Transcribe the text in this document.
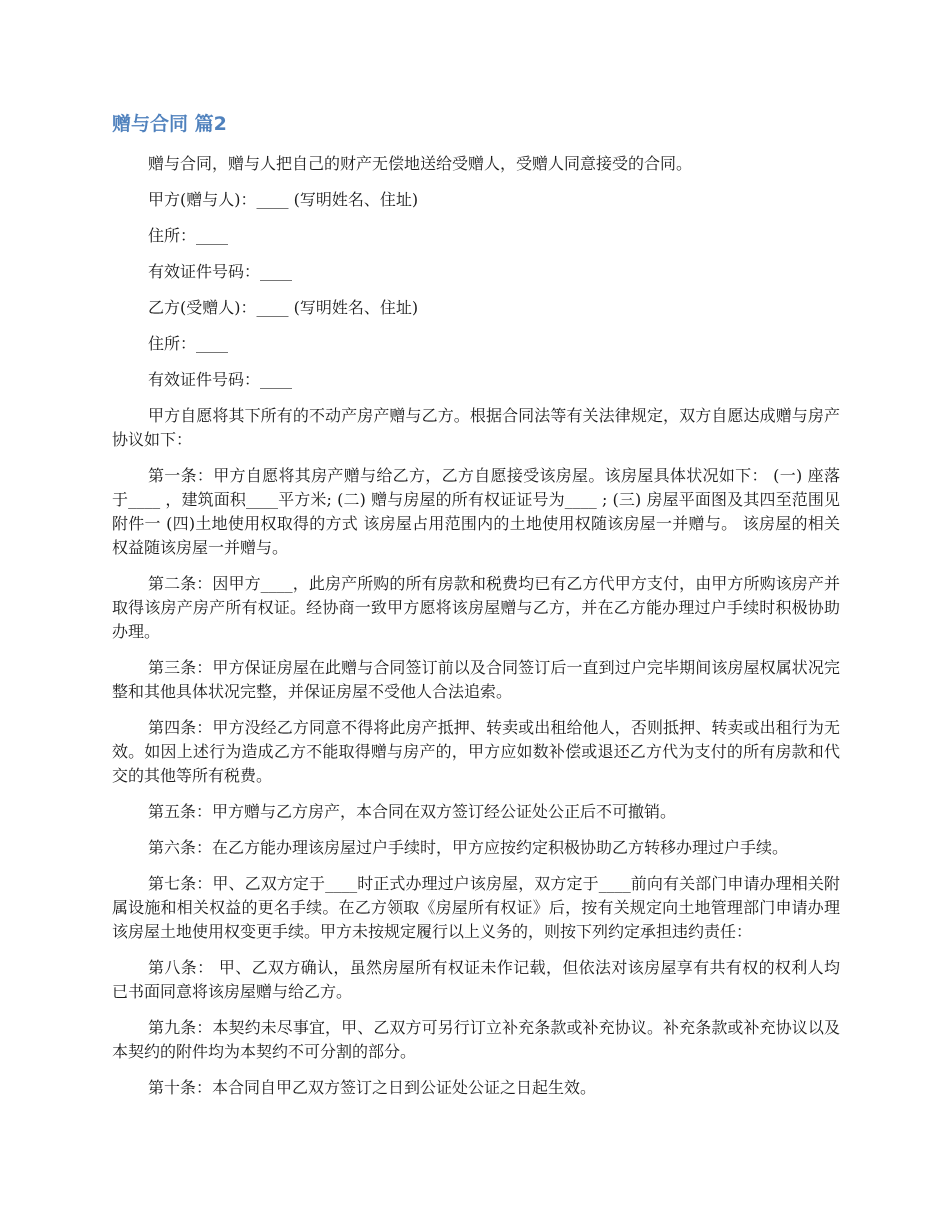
赠与合同 篇2

赠与合同，赠与人把自己的财产无偿地送给受赠人，受赠人同意接受的合同。

甲方(赠与人)：____ (写明姓名、住址)

住所：____

有效证件号码：____

乙方(受赠人)：____ (写明姓名、住址)

住所：____

有效证件号码：____

甲方自愿将其下所有的不动产房产赠与乙方。根据合同法等有关法律规定，双方自愿达成赠与房产协议如下：

第一条：甲方自愿将其房产赠与给乙方，乙方自愿接受该房屋。该房屋具体状况如下： (一) 座落于____ ，建筑面积____平方米; (二) 赠与房屋的所有权证证号为____ ; (三) 房屋平面图及其四至范围见附件一 (四)土地使用权取得的方式 该房屋占用范围内的土地使用权随该房屋一并赠与。 该房屋的相关权益随该房屋一并赠与。

第二条：因甲方____，此房产所购的所有房款和税费均已有乙方代甲方支付，由甲方所购该房产并取得该房产房产所有权证。经协商一致甲方愿将该房屋赠与乙方，并在乙方能办理过户手续时积极协助办理。

第三条：甲方保证房屋在此赠与合同签订前以及合同签订后一直到过户完毕期间该房屋权属状况完整和其他具体状况完整，并保证房屋不受他人合法追索。

第四条：甲方没经乙方同意不得将此房产抵押、转卖或出租给他人，否则抵押、转卖或出租行为无效。如因上述行为造成乙方不能取得赠与房产的，甲方应如数补偿或退还乙方代为支付的所有房款和代交的其他等所有税费。

第五条：甲方赠与乙方房产，本合同在双方签订经公证处公正后不可撤销。

第六条：在乙方能办理该房屋过户手续时，甲方应按约定积极协助乙方转移办理过户手续。

第七条：甲、乙双方定于____时正式办理过户该房屋，双方定于____前向有关部门申请办理相关附属设施和相关权益的更名手续。在乙方领取《房屋所有权证》后，按有关规定向土地管理部门申请办理该房屋土地使用权变更手续。甲方未按规定履行以上义务的，则按下列约定承担违约责任：

第八条： 甲、乙双方确认，虽然房屋所有权证未作记载，但依法对该房屋享有共有权的权利人均已书面同意将该房屋赠与给乙方。

第九条：本契约未尽事宜，甲、乙双方可另行订立补充条款或补充协议。补充条款或补充协议以及本契约的附件均为本契约不可分割的部分。

第十条：本合同自甲乙双方签订之日到公证处公证之日起生效。
